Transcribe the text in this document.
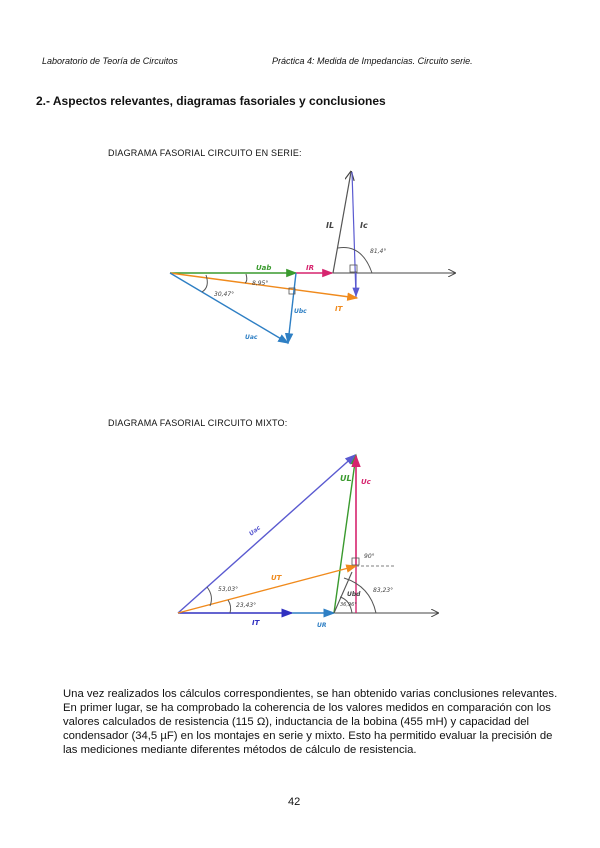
Laboratorio de Teoría de Circuitos	Práctica 4: Medida de Impedancias. Circuito serie.
2.- Aspectos relevantes, diagramas fasoriales y conclusiones
DIAGRAMA FASORIAL CIRCUITO EN SERIE:
DIAGRAMA FASORIAL CIRCUITO MIXTO:
Uab	IR
IL	Ic
81,4°
8,95°
30,47°
IT
Ubc
Uac
Uac
UL Uc
90°
UT
53,03°
23,43°
Ubd
83,23°
36,96°
IT	UR
Una vez realizados los cálculos correspondientes, se han obtenido varias conclusiones relevantes. En primer lugar, se ha comprobado la coherencia de los valores medidos en comparación con los valores calculados de resistencia (115 Ω), inductancia de la bobina (455 mH) y capacidad del condensador (34,5 µF) en los montajes en serie y mixto. Esto ha permitido evaluar la precisión de las mediciones mediante diferentes métodos de cálculo de resistencia.
42
